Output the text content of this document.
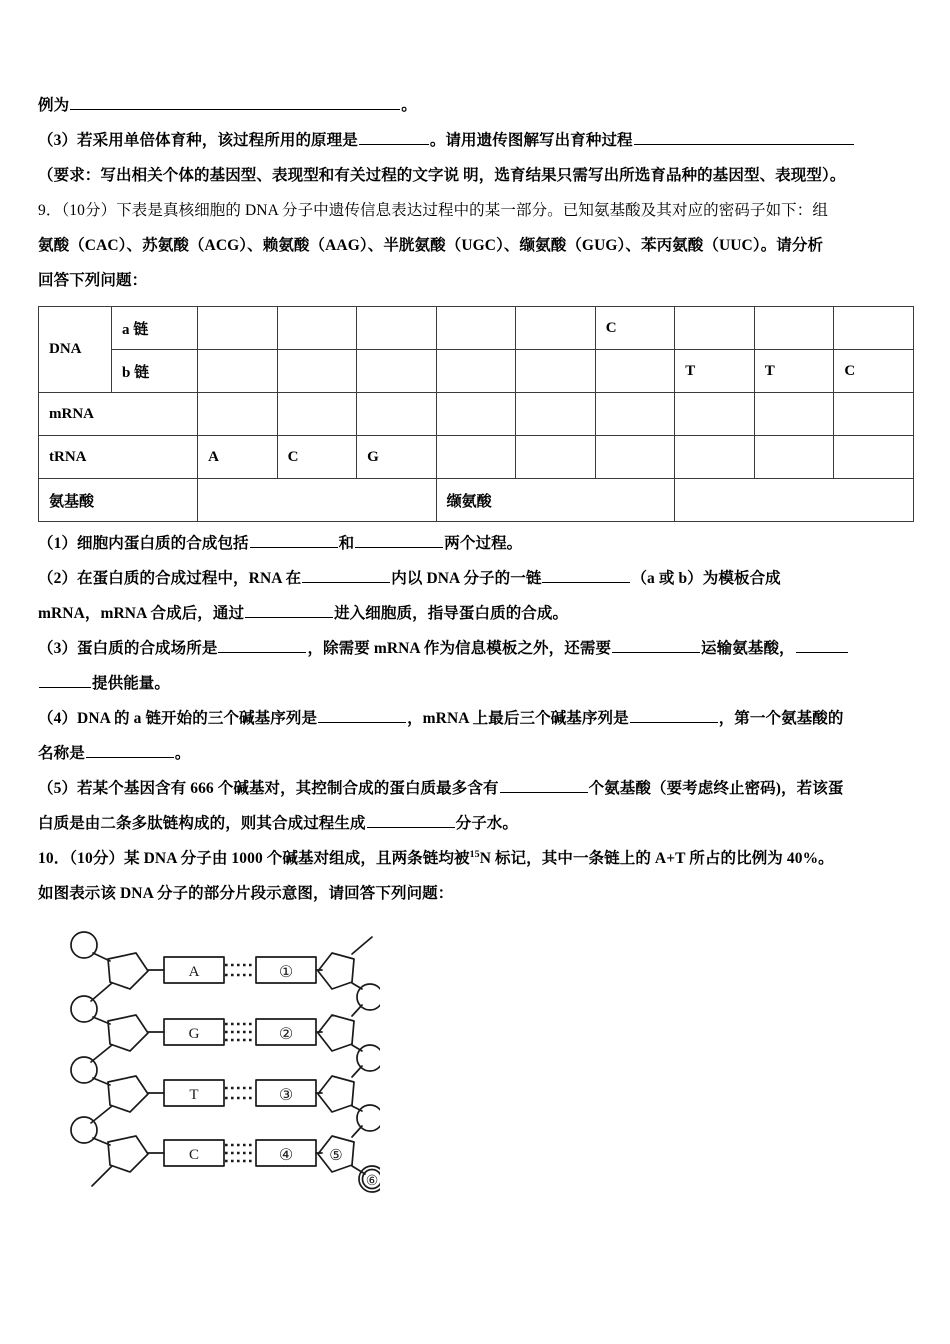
例为	。

（3）若采用单倍体育种，该过程所用的原理是	。请用遗传图解写出育种过程

（要求：写出相关个体的基因型、表现型和有关过程的文字说 明，选育结果只需写出所选育品种的基因型、表现型）。

9．（10分）下表是真核细胞的 DNA 分子中遗传信息表达过程中的某一部分。已知氨基酸及其对应的密码子如下：组

氨酸（CAC）、苏氨酸（ACG）、赖氨酸（AAG）、半胱氨酸（UGC）、缬氨酸（GUG）、苯丙氨酸（UUC）。请分析

回答下列问题：

DNA	a 链						C			
	b 链							T	T	C
mRNA										
tRNA		A	C	G						
氨基酸					缬氨酸					

（1）细胞内蛋白质的合成包括	和	两个过程。

（2）在蛋白质的合成过程中，RNA 在	内以 DNA 分子的一链	（a 或 b）为模板合成

mRNA，mRNA 合成后，通过	进入细胞质，指导蛋白质的合成。

（3）蛋白质的合成场所是	，除需要 mRNA 作为信息模板之外，还需要	运输氨基酸，

提供能量。

（4）DNA 的 a 链开始的三个碱基序列是	，mRNA 上最后三个碱基序列是	，第一个氨基酸的

名称是	。

（5）若某个基因含有 666 个碱基对，其控制合成的蛋白质最多含有	个氨基酸（要考虑终止密码)，若该蛋

白质是由二条多肽链构成的，则其合成过程生成	分子水。

10．（10分）某 DNA 分子由 1000 个碱基对组成，且两条链均被$^{15}$N 标记，其中一条链上的 A+T 所占的比例为 40%。

如图表示该 DNA 分子的部分片段示意图，请回答下列问题：

A
G
T
C
①
②
③
④ ⑤
⑥
